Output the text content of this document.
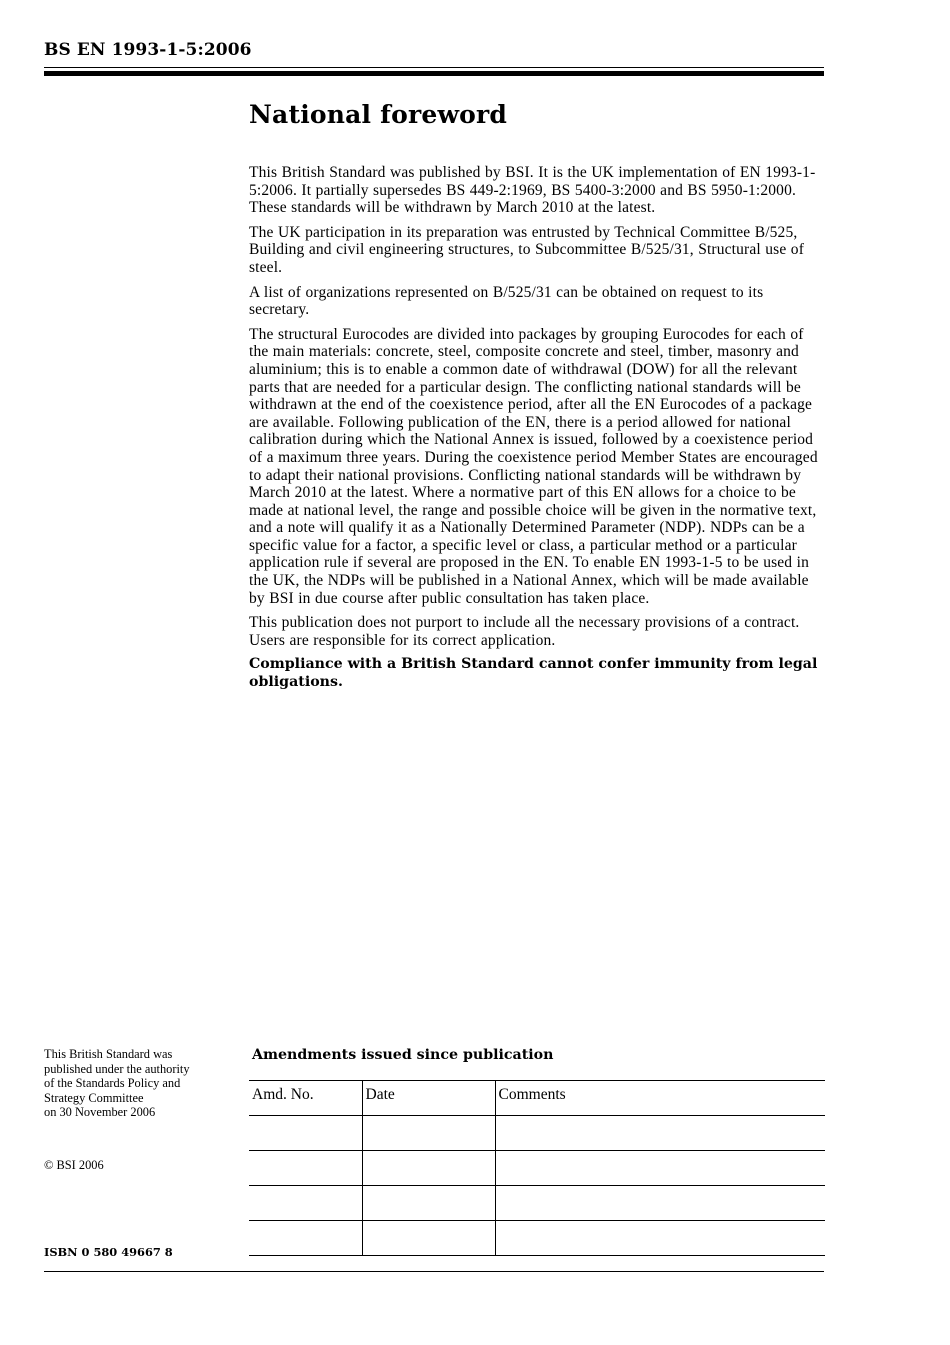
BS EN 1993-1-5:2006
National foreword

This British Standard was published by BSI. It is the UK implementation of EN 1993-1-5:2006. It partially supersedes BS 449-2:1969, BS 5400-3:2000 and BS 5950-1:2000. These standards will be withdrawn by March 2010 at the latest.

The UK participation in its preparation was entrusted by Technical Committee B/525, Building and civil engineering structures, to Subcommittee B/525/31, Structural use of steel.

A list of organizations represented on B/525/31 can be obtained on request to its secretary.

The structural Eurocodes are divided into packages by grouping Eurocodes for each of the main materials: concrete, steel, composite concrete and steel, timber, masonry and aluminium; this is to enable a common date of withdrawal (DOW) for all the relevant parts that are needed for a particular design. The conflicting national standards will be withdrawn at the end of the coexistence period, after all the EN Eurocodes of a package are available. Following publication of the EN, there is a period allowed for national calibration during which the National Annex is issued, followed by a coexistence period of a maximum three years. During the coexistence period Member States are encouraged to adapt their national provisions. Conflicting national standards will be withdrawn by March 2010 at the latest. Where a normative part of this EN allows for a choice to be made at national level, the range and possible choice will be given in the normative text, and a note will qualify it as a Nationally Determined Parameter (NDP). NDPs can be a specific value for a factor, a specific level or class, a particular method or a particular application rule if several are proposed in the EN. To enable EN 1993-1-5 to be used in the UK, the NDPs will be published in a National Annex, which will be made available by BSI in due course after public consultation has taken place.

This publication does not purport to include all the necessary provisions of a contract. Users are responsible for its correct application.

Compliance with a British Standard cannot confer immunity from legal obligations.

This British Standard was
published under the authority
of the Standards Policy and
Strategy Committee
on 30 November 2006
© BSI 2006
ISBN 0 580 49667 8
Amendments issued since publication
Amd. No.	Date	Comments
